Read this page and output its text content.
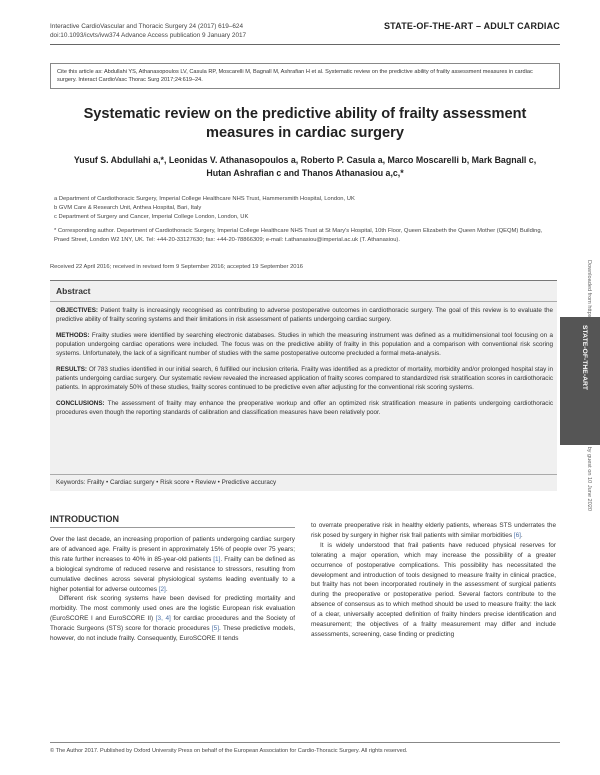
Interactive CardioVascular and Thoracic Surgery 24 (2017) 619–624
doi:10.1093/icvts/ivw374 Advance Access publication 9 January 2017
STATE-OF-THE-ART – ADULT CARDIAC
Cite this article as: Abdullahi YS, Athanasopoulos LV, Casula RP, Moscarelli M, Bagnall M, Ashrafian H et al. Systematic review on the predictive ability of frailty assessment measures in cardiac surgery. Interact CardioVasc Thorac Surg 2017;24:619–24.
Systematic review on the predictive ability of frailty assessment
measures in cardiac surgery
Yusuf S. Abdullahi a,*, Leonidas V. Athanasopoulos a, Roberto P. Casula a, Marco Moscarelli b, Mark Bagnall c,
Hutan Ashrafian c and Thanos Athanasiou a,c,*
a Department of Cardiothoracic Surgery, Imperial College Healthcare NHS Trust, Hammersmith Hospital, London, UK
b GVM Care & Research Unit, Anthea Hospital, Bari, Italy
c Department of Surgery and Cancer, Imperial College London, London, UK
* Corresponding author. Department of Cardiothoracic Surgery, Imperial College Healthcare NHS Trust at St Mary's Hospital, 10th Floor, Queen Elizabeth the Queen Mother (QEQM) Building, Praed Street, London W2 1NY, UK. Tel: +44-20-33127630; fax: +44-20-78866309; e-mail: t.athanasiou@imperial.ac.uk (T. Athanasiou).
Received 22 April 2016; received in revised form 9 September 2016; accepted 19 September 2016
Abstract

OBJECTIVES: Patient frailty is increasingly recognised as contributing to adverse postoperative outcomes in cardiothoracic surgery. The goal of this review is to evaluate the predictive ability of frailty scoring systems and their limitations in risk assessment of patients undergoing cardiac surgery.

METHODS: Frailty studies were identified by searching electronic databases. Studies in which the measuring instrument was defined as a multidimensional tool focusing on a population undergoing cardiac operations were included. The focus was on the predictive ability of frailty in this population and a comparison with conventional risk scoring systems. Unfortunately, the lack of a significant number of studies with the same postoperative outcome precluded a formal meta-analysis.

RESULTS: Of 783 studies identified in our initial search, 6 fulfilled our inclusion criteria. Frailty was identified as a predictor of mortality, morbidity and/or prolonged hospital stay in patients undergoing cardiac surgery. Our systematic review revealed the increased application of frailty scores compared to standardized risk stratification scores in cardiothoracic patients. In approximately 50% of these studies, frailty scores continued to be predictive even after adjusting for the conventional risk scoring systems.

CONCLUSIONS: The assessment of frailty may enhance the preoperative workup and offer an optimized risk stratification measure in patients undergoing cardiothoracic procedures even though the reporting standards of calibration and classification measures have been relatively poor.

Keywords: Frailty • Cardiac surgery • Risk score • Review • Predictive accuracy
INTRODUCTION

Over the last decade, an increasing proportion of patients undergoing cardiac surgery are of advanced age. Frailty is present in approximately 15% of people over 75 years; this rate further increases to 40% in 85-year-old patients [1]. Frailty can be defined as a biological syndrome of reduced reserve and resistance to stressors, resulting from cumulative declines across several physiological systems leading eventually to a higher potential for adverse outcomes [2].

Different risk scoring systems have been devised for predicting mortality and morbidity. The most commonly used ones are the logistic European risk evaluation (EuroSCORE I and EuroSCORE II) [3, 4] for cardiac procedures and the Society of Thoracic Surgeons (STS) score for thoracic procedures [5]. These predictive models, however, do not include frailty. Consequently, EuroSCORE II tends

to overrate preoperative risk in healthy elderly patients, whereas STS underrates the risk posed by surgery in higher risk frail patients with similar morbidities [6].

It is widely understood that frail patients have reduced physical reserves for tolerating a major operation, which may increase the possibility of a greater occurrence of postoperative complications. This possibility has necessitated the development and introduction of tools designed to measure frailty in clinical practice, but frailty has not been incorporated routinely in the assessment of surgical patients during the preoperative or postoperative period. Several factors contribute to the absence of consensus as to which method should be used to measure frailty: the lack of a clear, universally accepted definition of frailty hinders precise identification and measurement; the objectives of a frailty measurement may differ and include assessments, screening, case finding or predicting

© The Author 2017. Published by Oxford University Press on behalf of the European Association for Cardio-Thoracic Surgery. All rights reserved.
STATE-OF-THE-ART
